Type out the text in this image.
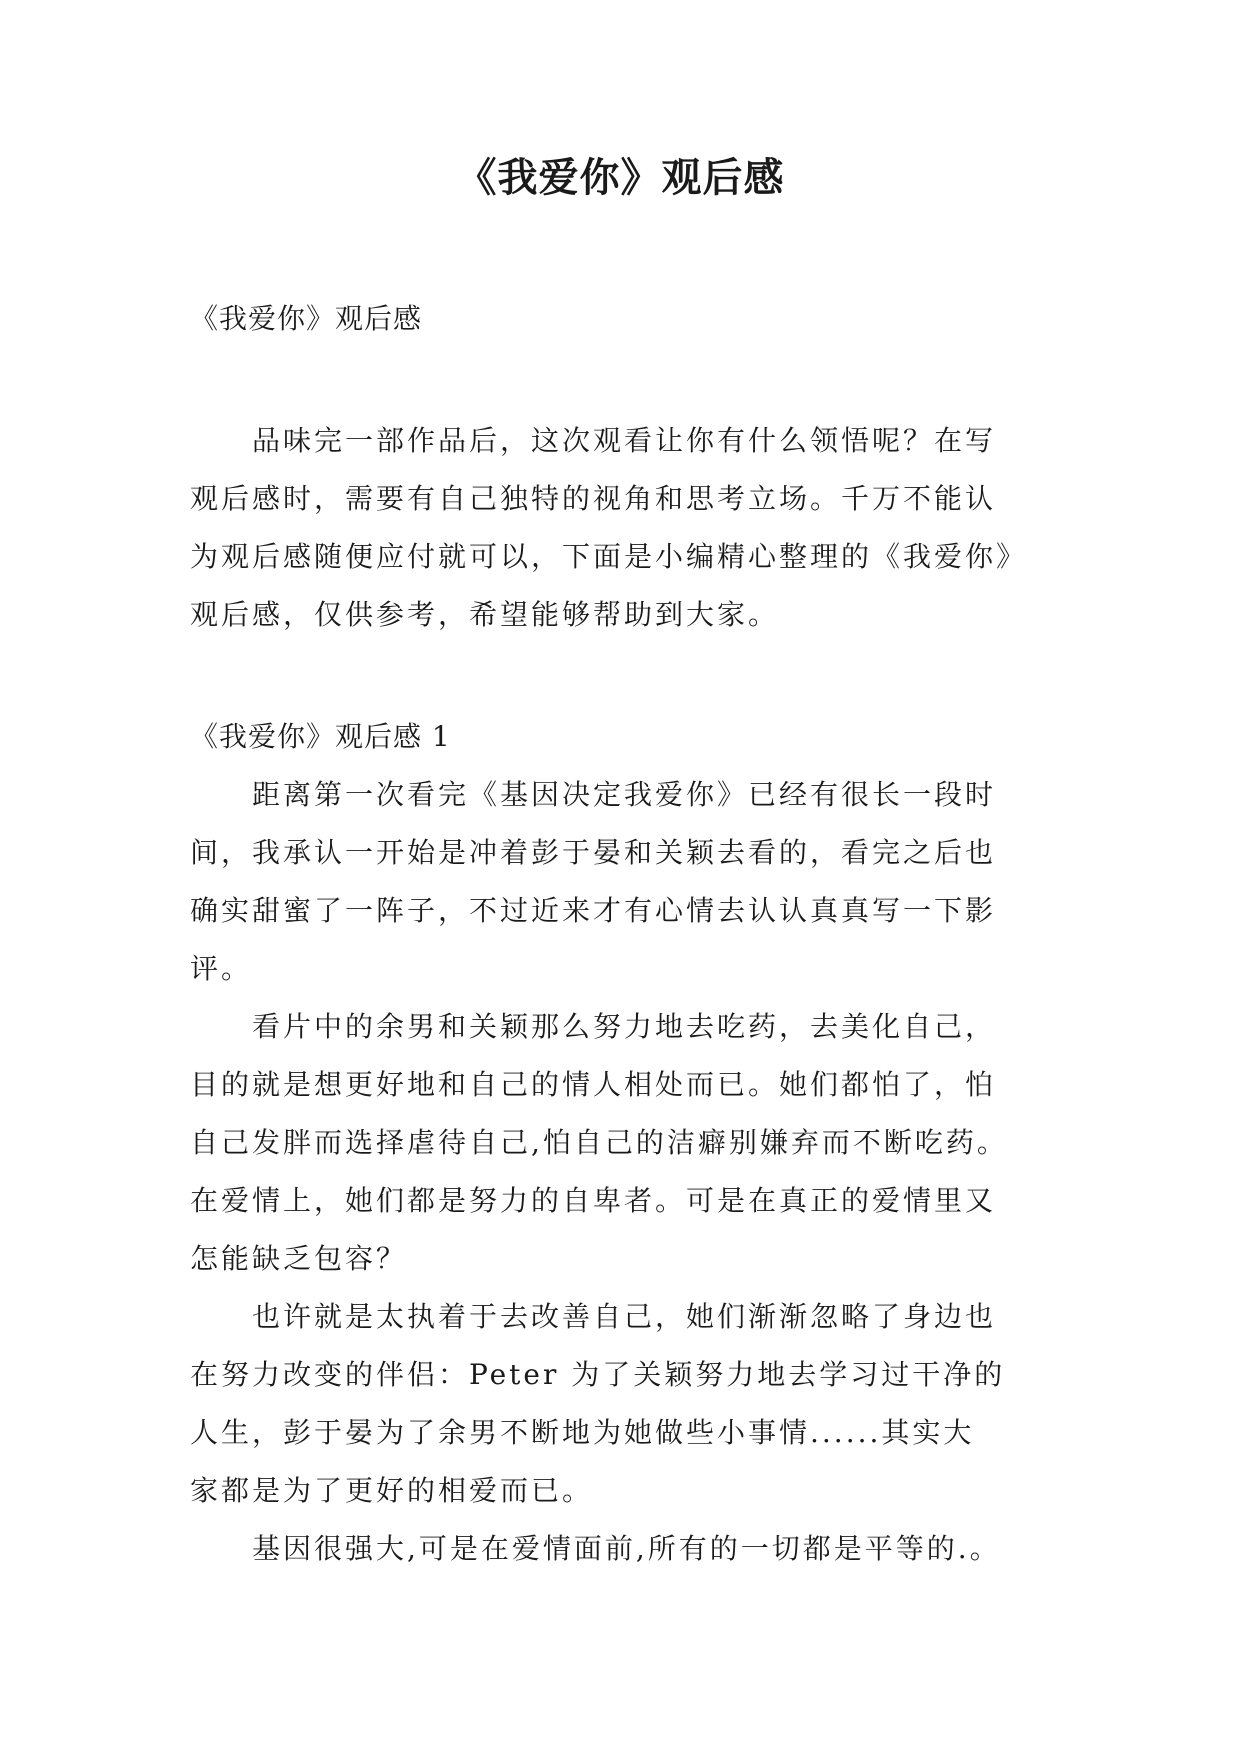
《我爱你》观后感

《我爱你》观后感

品味完一部作品后，这次观看让你有什么领悟呢？在写

观后感时，需要有自己独特的视角和思考立场。千万不能认

为观后感随便应付就可以，下面是小编精心整理的《我爱你》

观后感，仅供参考，希望能够帮助到大家。

《我爱你》观后感 1

距离第一次看完《基因决定我爱你》已经有很长一段时

间，我承认一开始是冲着彭于晏和关颖去看的，看完之后也

确实甜蜜了一阵子，不过近来才有心情去认认真真写一下影

评。

看片中的余男和关颖那么努力地去吃药，去美化自己，

目的就是想更好地和自己的情人相处而已。她们都怕了，怕

自己发胖而选择虐待自己,怕自己的洁癖别嫌弃而不断吃药。

在爱情上，她们都是努力的自卑者。可是在真正的爱情里又

怎能缺乏包容？

也许就是太执着于去改善自己，她们渐渐忽略了身边也

在努力改变的伴侣：Peter 为了关颖努力地去学习过干净的

人生，彭于晏为了余男不断地为她做些小事情......其实大

家都是为了更好的相爱而已。

基因很强大,可是在爱情面前,所有的一切都是平等的.。
